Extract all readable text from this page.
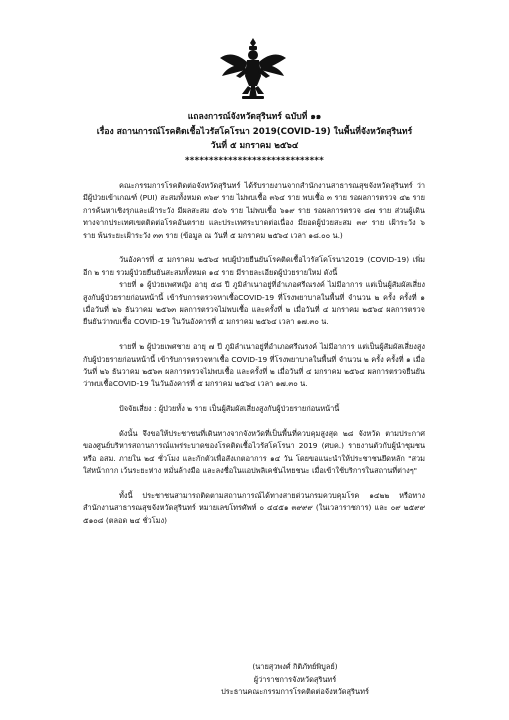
แถลงการณ์จังหวัดสุรินทร์ ฉบับที่ ๑๑
เรื่อง สถานการณ์โรคติดเชื้อไวรัสโคโรนา 2019(COVID-19) ในพื้นที่จังหวัดสุรินทร์
วันที่ ๕ มกราคม ๒๕๖๔
*****************************

คณะกรรมการโรคติดต่อจังหวัดสุรินทร์ ได้รับรายงานจากสำนักงานสาธารณสุขจังหวัดสุรินทร์ ว่ามีผู้ป่วยเข้าเกณฑ์ (PUI) สะสมทั้งหมด ๓๖๙ ราย ไม่พบเชื้อ ๓๖๔ ราย พบเชื้อ ๓ ราย รอผลการตรวจ ๔๒ ราย การค้นหาเชิงรุกและเฝ้าระวัง มีผลสะสม ๕๐๖ ราย ไม่พบเชื้อ ๖๑๙ ราย รอผลการตรวจ ๘๗ ราย ส่วนผู้เดินทางจากประเทศเขตติดต่อโรคอันตราย และประเทศระบาดต่อเนื่อง มียอดผู้ป่วยสะสม ๓๙ ราย เฝ้าระวัง ๖ ราย พ้นระยะเฝ้าระวัง ๓๓ ราย (ข้อมูล ณ วันที่ ๕ มกราคม ๒๕๖๔ เวลา ๑๘.๐๐ น.)

วันอังคารที่ ๕ มกราคม ๒๕๖๔ พบผู้ป่วยยืนยันโรคติดเชื้อไวรัสโคโรนา2019 (COVID-19) เพิ่มอีก ๒ ราย รวมผู้ป่วยยืนยันสะสมทั้งหมด ๑๔ ราย มีรายละเอียดผู้ป่วยรายใหม่ ดังนี้

รายที่ ๑ ผู้ป่วยเพศหญิง อายุ ๕๘ ปี ภูมิลำเนาอยู่ที่อำเภอศรีณรงค์ ไม่มีอาการ แต่เป็นผู้สัมผัสเสี่ยงสูงกับผู้ป่วยรายก่อนหน้านี้ เข้ารับการตรวจหาเชื้อCOVID-19 ที่โรงพยาบาลในพื้นที่ จำนวน ๒ ครั้ง ครั้งที่ ๑ เมื่อวันที่ ๒๖ ธันวาคม ๒๕๖๓ ผลการตรวจไม่พบเชื้อ และครั้งที่ ๒ เมื่อวันที่ ๔ มกราคม ๒๕๖๔ ผลการตรวจยืนยันว่าพบเชื้อ COVID-19 ในวันอังคารที่ ๕ มกราคม ๒๕๖๔ เวลา ๑๗.๓๐ น.

รายที่ ๒ ผู้ป่วยเพศชาย อายุ ๗ ปี ภูมิลำเนาอยู่ที่อำเภอศรีณรงค์ ไม่มีอาการ แต่เป็นผู้สัมผัสเสี่ยงสูงกับผู้ป่วยรายก่อนหน้านี้ เข้ารับการตรวจหาเชื้อ COVID-19 ที่โรงพยาบาลในพื้นที่ จำนวน ๒ ครั้ง ครั้งที่ ๑ เมื่อวันที่ ๒๖ ธันวาคม ๒๕๖๓ ผลการตรวจไม่พบเชื้อ และครั้งที่ ๒ เมื่อวันที่ ๔ มกราคม ๒๕๖๔ ผลการตรวจยืนยันว่าพบเชื้อCOVID-19 ในวันอังคารที่ ๕ มกราคม ๒๕๖๔ เวลา ๑๗.๓๐ น.

ปัจจัยเสี่ยง : ผู้ป่วยทั้ง ๒ ราย เป็นผู้สัมผัสเสี่ยงสูงกับผู้ป่วยรายก่อนหน้านี้

ดังนั้น จึงขอให้ประชาชนที่เดินทางจากจังหวัดที่เป็นพื้นที่ควบคุมสูงสุด ๒๘ จังหวัด ตามประกาศของศูนย์บริหารสถานการณ์แพร่ระบาดของโรคติดเชื้อไวรัสโคโรนา 2019 (ศบค.) รายงานตัวกับผู้นำชุมชน หรือ อสม. ภายใน ๒๔ ชั่วโมง และกักตัวเพื่อสังเกตอาการ ๑๔ วัน โดยขอแนะนำให้ประชาชนยึดหลัก "สวมใส่หน้ากาก เว้นระยะห่าง หมั่นล้างมือ และลงชื่อในแอปพลิเคชันไทยชนะ เมื่อเข้าใช้บริการในสถานที่ต่างๆ"

ทั้งนี้ ประชาชนสามารถติดตามสถานการณ์ได้ทางสายด่วนกรมควบคุมโรค ๑๔๒๒ หรือทาง สำนักงานสาธารณสุขจังหวัดสุรินทร์ หมายเลขโทรศัพท์ ๐ ๔๔๕๑ ๓๙๙๙ (ในเวลาราชการ) และ ๐๙ ๒๕๙๙ ๕๑๐๘ (ตลอด ๒๔ ชั่วโมง)

(นายสุวพงศ์ กิติภัทย์พิบูลย์)
ผู้ว่าราชการจังหวัดสุรินทร์
ประธานคณะกรรมการโรคติดต่อจังหวัดสุรินทร์
